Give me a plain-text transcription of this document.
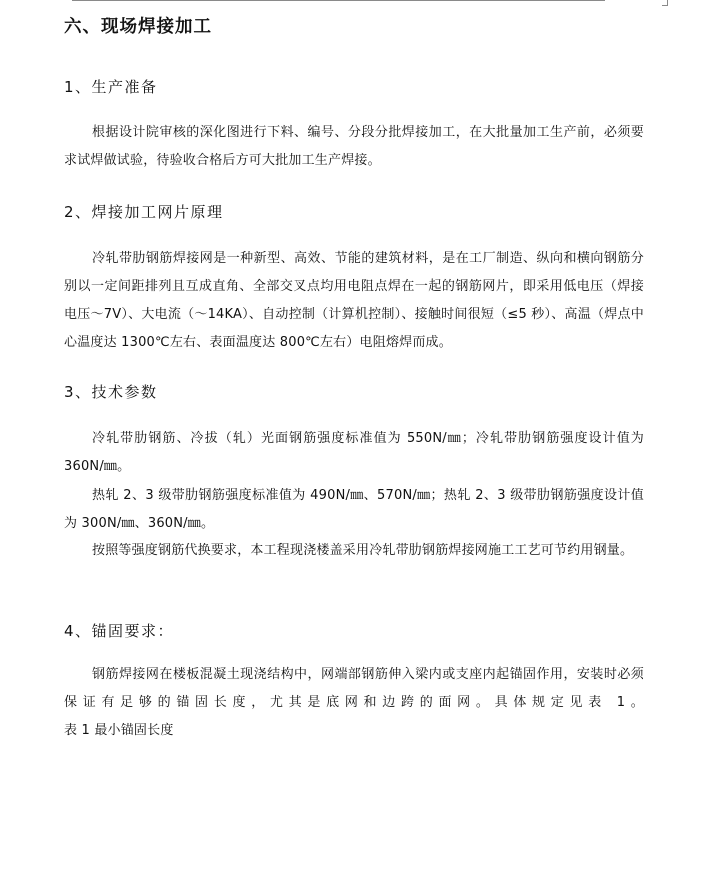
六、现场焊接加工
1、生产准备
根据设计院审核的深化图进行下料、编号、分段分批焊接加工，在大批量加工生产前，必须要求试焊做试验，待验收合格后方可大批加工生产焊接。
2、焊接加工网片原理
冷轧带肋钢筋焊接网是一种新型、高效、节能的建筑材料，是在工厂制造、纵向和横向钢筋分别以一定间距排列且互成直角、全部交叉点均用电阻点焊在一起的钢筋网片，即采用低电压（焊接电压～7V）、大电流（～14KA）、自动控制（计算机控制）、接触时间很短（≤5 秒）、高温（焊点中心温度达 1300℃左右、表面温度达 800℃左右）电阻熔焊而成。
3、技术参数
冷轧带肋钢筋、冷拔（轧）光面钢筋强度标准值为 550N/㎜；冷轧带肋钢筋强度设计值为 360N/㎜。
热轧 2、3 级带肋钢筋强度标准值为 490N/㎜、570N/㎜；热轧 2、3 级带肋钢筋强度设计值为 300N/㎜、360N/㎜。
按照等强度钢筋代换要求，本工程现浇楼盖采用冷轧带肋钢筋焊接网施工工艺可节约用钢量。
4、锚固要求：
钢筋焊接网在楼板混凝土现浇结构中，网端部钢筋伸入梁内或支座内起锚固作用，安装时必须保证有足够的锚固长度，尤其是底网和边跨的面网。具体规定见表 1。
表 1 最小锚固长度
